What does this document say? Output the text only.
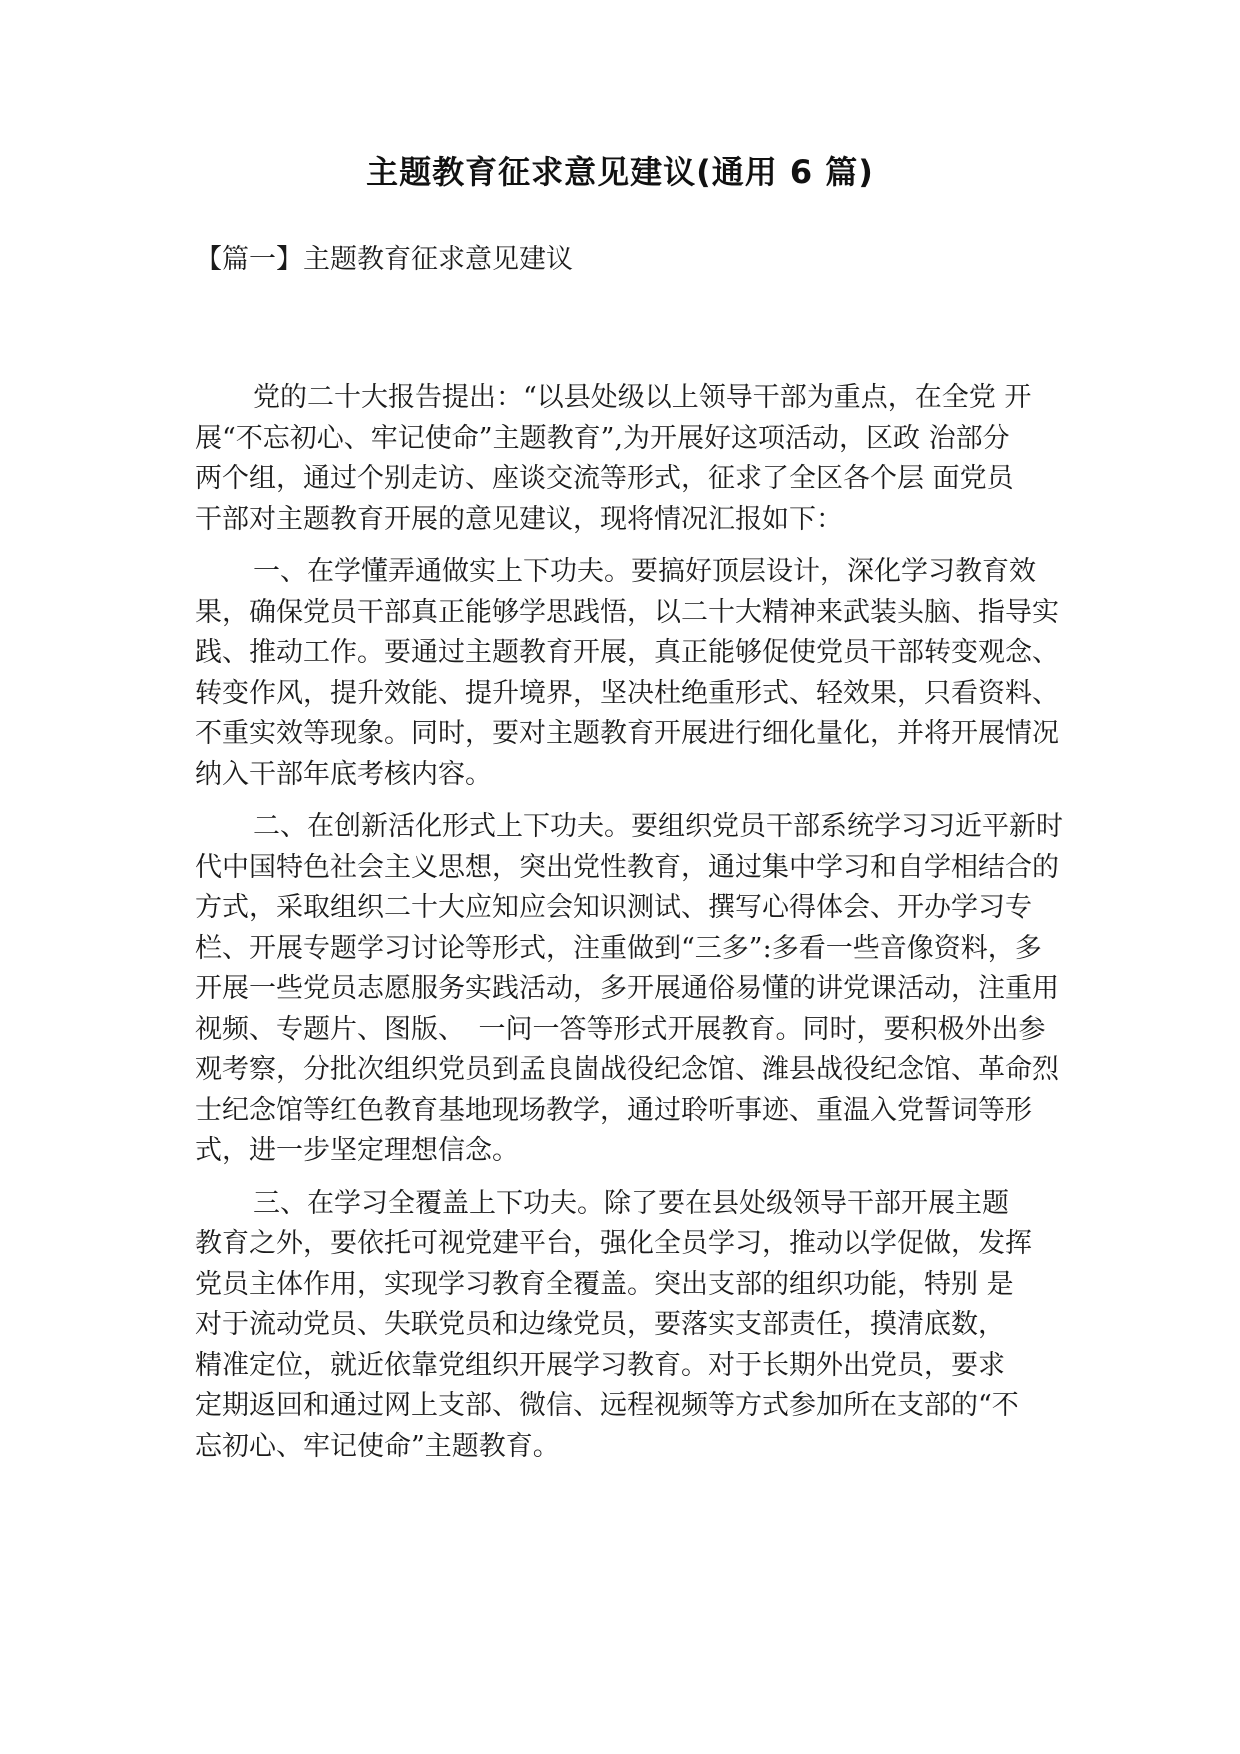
主题教育征求意见建议(通用 6 篇)
【篇一】主题教育征求意见建议

党的二十大报告提出：“以县处级以上领导干部为重点，在全党 开展“不忘初心、牢记使命”主题教育”,为开展好这项活动，区政 治部分两个组，通过个别走访、座谈交流等形式，征求了全区各个层 面党员干部对主题教育开展的意见建议，现将情况汇报如下：

一、在学懂弄通做实上下功夫。要搞好顶层设计，深化学习教育效果，确保党员干部真正能够学思践悟，以二十大精神来武装头脑、指导实践、推动工作。要通过主题教育开展，真正能够促使党员干部转变观念、转变作风，提升效能、提升境界，坚决杜绝重形式、轻效果，只看资料、不重实效等现象。同时，要对主题教育开展进行细化量化，并将开展情况纳入干部年底考核内容。

二、在创新活化形式上下功夫。要组织党员干部系统学习习近平新时代中国特色社会主义思想，突出党性教育，通过集中学习和自学相结合的方式，采取组织二十大应知应会知识测试、撰写心得体会、开办学习专栏、开展专题学习讨论等形式，注重做到“三多”:多看一些音像资料，多开展一些党员志愿服务实践活动，多开展通俗易懂的讲党课活动，注重用视频、专题片、图版、　一问一答等形式开展教育。同时，要积极外出参观考察，分批次组织党员到孟良崮战役纪念馆、潍县战役纪念馆、革命烈士纪念馆等红色教育基地现场教学，通过聆听事迹、重温入党誓词等形式，进一步坚定理想信念。

三、在学习全覆盖上下功夫。除了要在县处级领导干部开展主题教育之外，要依托可视党建平台，强化全员学习，推动以学促做，发挥党员主体作用，实现学习教育全覆盖。突出支部的组织功能，特别 是对于流动党员、失联党员和边缘党员，要落实支部责任，摸清底数，　精准定位，就近依靠党组织开展学习教育。对于长期外出党员，要求 定期返回和通过网上支部、微信、远程视频等方式参加所在支部的“不 忘初心、牢记使命”主题教育。
